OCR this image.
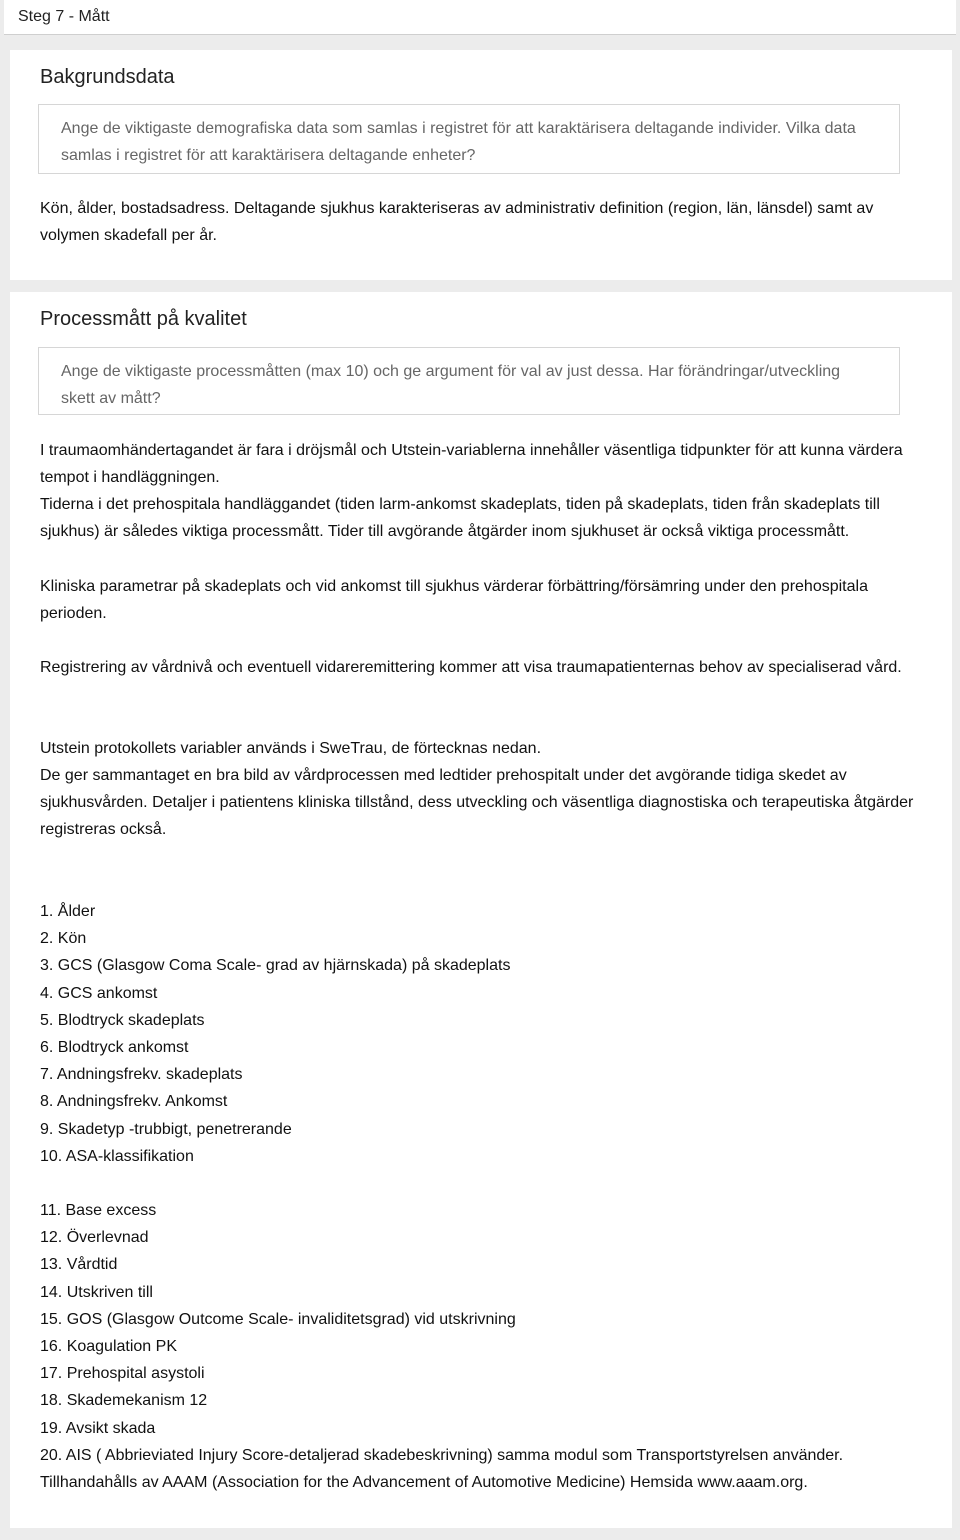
Steg 7 - Mått
Bakgrundsdata
Ange de viktigaste demografiska data som samlas i registret för att karaktärisera deltagande individer. Vilka data samlas i registret för att karaktärisera deltagande enheter?

Kön, ålder, bostadsadress. Deltagande sjukhus karakteriseras av administrativ definition (region, län, länsdel) samt av volymen skadefall per år.

Processmått på kvalitet
Ange de viktigaste processmåtten (max 10) och ge argument för val av just dessa. Har förändringar/utveckling skett av mått?

I traumaomhändertagandet är fara i dröjsmål och Utstein-variablerna innehåller väsentliga tidpunkter för att kunna värdera tempot i handläggningen.

Tiderna i det prehospitala handläggandet (tiden larm-ankomst skadeplats, tiden på skadeplats, tiden från skadeplats till sjukhus) är således viktiga processmått. Tider till avgörande åtgärder inom sjukhuset är också viktiga processmått.

Kliniska parametrar på skadeplats och vid ankomst till sjukhus värderar förbättring/försämring under den prehospitala perioden.

Registrering av vårdnivå och eventuell vidareremittering kommer att visa traumapatienternas behov av specialiserad vård.

Utstein protokollets variabler används i SweTrau, de förtecknas nedan.

De ger sammantaget en bra bild av vårdprocessen med ledtider prehospitalt under det avgörande tidiga skedet av sjukhusvården. Detaljer i patientens kliniska tillstånd, dess utveckling och väsentliga diagnostiska och terapeutiska åtgärder registreras också.

1. Ålder
2. Kön
3. GCS (Glasgow Coma Scale- grad av hjärnskada) på skadeplats
4. GCS ankomst
5. Blodtryck skadeplats
6. Blodtryck ankomst
7. Andningsfrekv. skadeplats
8. Andningsfrekv. Ankomst
9. Skadetyp -trubbigt, penetrerande
10. ASA-klassifikation
11. Base excess
12. Överlevnad
13. Vårdtid
14. Utskriven till
15. GOS (Glasgow Outcome Scale- invaliditetsgrad) vid utskrivning
16. Koagulation PK
17. Prehospital asystoli
18. Skademekanism 12
19. Avsikt skada
20. AIS ( Abbrieviated Injury Score-detaljerad skadebeskrivning) samma modul som Transportstyrelsen använder. Tillhandahålls av AAAM (Association for the Advancement of Automotive Medicine) Hemsida www.aaam.org.
